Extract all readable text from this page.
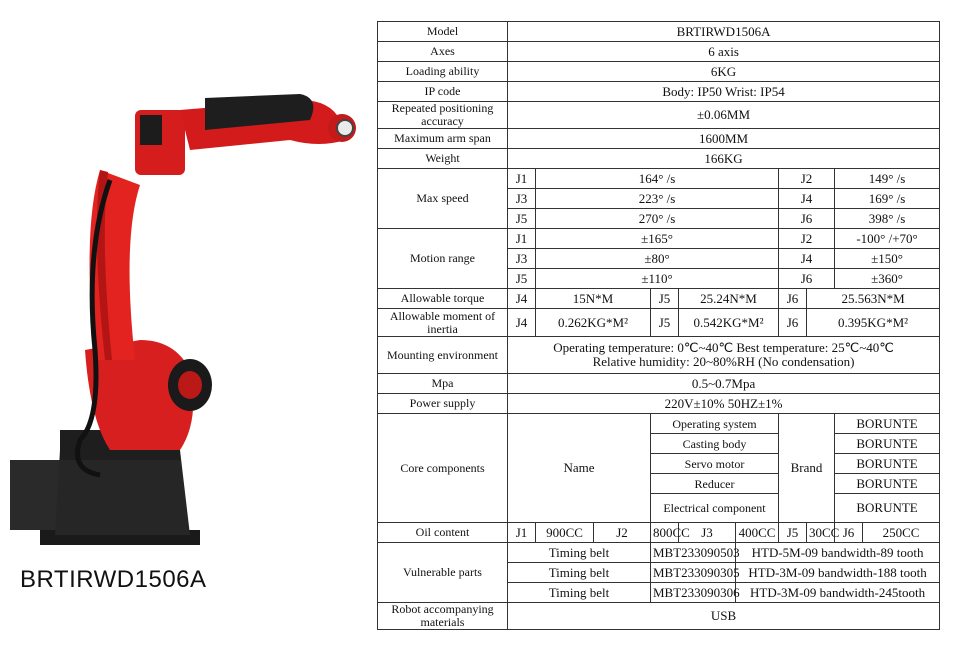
BRTIRWD1506A
Model	BRTIRWD1506A									
Axes	6 axis									
Loading ability	6KG									
IP code	Body: IP50 Wrist: IP54									
Repeated positioning accuracy	±0.06MM									
Maximum arm span	1600MM									
Weight	166KG									
Max speed	J1	164° /s					J2		149° /s	
	J3	223° /s					J4		169° /s	
	J5	270° /s					J6		398° /s	
Motion range	J1	±165°					J2		-100° /+70°	
	J3	±80°					J4		±150°	
	J5	±110°					J6		±360°	
Allowable torque	J4	15N*M		J5	25.24N*M		J6	25.563N*M		
Allowable moment of inertia	J4	0.262KG*M²		J5	0.542KG*M²		J6	0.395KG*M²		
Mounting environment	Operating temperature: 0℃~40℃ Best temperature: 25℃~40℃
Relative humidity: 20~80%RH (No condensation)									

Mpa	0.5~0.7Mpa									
Power supply	220V±10% 50HZ±1%									
Core components	Name			Operating system			Brand		BORUNTE	
				Casting body					BORUNTE	
				Servo motor					BORUNTE	
				Reducer					BORUNTE	
				Electrical component					BORUNTE	
Oil content	J1	900CC	J2	800CC	J3	400CC	J5	30CC	J6	250CC
Vulnerable parts	Timing belt			MBT233090503		HTD-5M-09 bandwidth-89 tooth				
	Timing belt			MBT233090305		HTD-3M-09 bandwidth-188 tooth				
	Timing belt			MBT233090306		HTD-3M-09 bandwidth-245tooth				
Robot accompanying materials	USB									
